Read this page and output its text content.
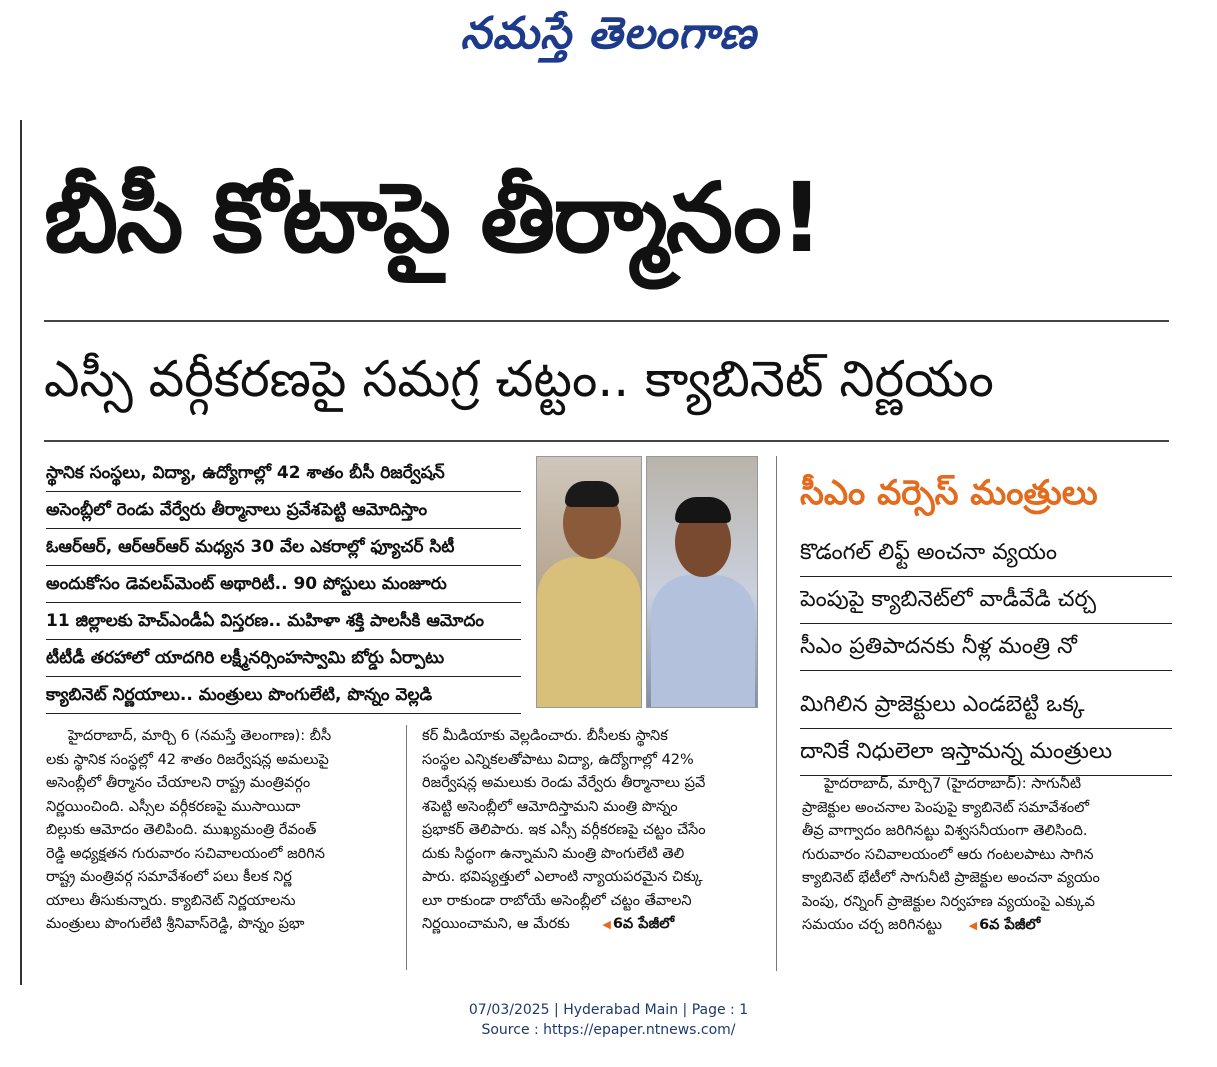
నమస్తే తెలంగాణ
బీసీ కోటాపై తీర్మానం!
ఎస్సీ వర్గీకరణపై సమగ్ర చట్టం.. క్యాబినెట్ నిర్ణయం
స్థానిక సంస్థలు, విద్యా, ఉద్యోగాల్లో 42 శాతం బీసీ రిజర్వేషన్
అసెంబ్లీలో రెండు వేర్వేరు తీర్మానాలు ప్రవేశపెట్టి ఆమోదిస్తాం
ఓఆర్ఆర్, ఆర్ఆర్ఆర్ మధ్యన 30 వేల ఎకరాల్లో ఫ్యూచర్ సిటీ
అందుకోసం డెవలప్‌మెంట్ అథారిటీ.. 90 పోస్టులు మంజూరు
11 జిల్లాలకు హెచ్ఎండీఏ విస్తరణ.. మహిళా శక్తి పాలసీకి ఆమోదం
టీటీడీ తరహాలో యాదగిరి లక్ష్మీనర్సింహస్వామి బోర్డు ఏర్పాటు
క్యాబినెట్ నిర్ణయాలు.. మంత్రులు పొంగులేటి, పొన్నం వెల్లడి
హైదరాబాద్, మార్చి 6 (నమస్తే తెలంగాణ): బీసీ
లకు స్థానిక సంస్థల్లో 42 శాతం రిజర్వేషన్ల అమలుపై
అసెంబ్లీలో తీర్మానం చేయాలని రాష్ట్ర మంత్రివర్గం
నిర్ణయించింది. ఎస్సీల వర్గీకరణపై ముసాయిదా
బిల్లుకు ఆమోదం తెలిపింది. ముఖ్యమంత్రి రేవంత్
రెడ్డి అధ్యక్షతన గురువారం సచివాలయంలో జరిగిన
రాష్ట్ర మంత్రివర్గ సమావేశంలో పలు కీలక నిర్ణ
యాలు తీసుకున్నారు. క్యాబినెట్ నిర్ణయాలను
మంత్రులు పొంగులేటి శ్రీనివాస్‌రెడ్డి, పొన్నం ప్రభా
కర్ మీడియాకు వెల్లడించారు. బీసీలకు స్థానిక
సంస్థల ఎన్నికలతోపాటు విద్యా, ఉద్యోగాల్లో 42%
రిజర్వేషన్ల అమలుకు రెండు వేర్వేరు తీర్మానాలు ప్రవే
శపెట్టి అసెంబ్లీలో ఆమోదిస్తామని మంత్రి పొన్నం
ప్రభాకర్ తెలిపారు. ఇక ఎస్సీ వర్గీకరణపై చట్టం చేసేం
దుకు సిద్ధంగా ఉన్నామని మంత్రి పొంగులేటి తెలి
పారు. భవిష్యత్తులో ఎలాంటి న్యాయపరమైన చిక్కు
లూ రాకుండా రాబోయే అసెంబ్లీలో చట్టం తేవాలని
నిర్ణయించామని, ఆ మేరకు	◀ 6వ పేజీలో
సీఎం వర్సెస్ మంత్రులు
కొడంగల్ లిఫ్ట్ అంచనా వ్యయం
పెంపుపై క్యాబినెట్‌లో వాడీవేడి చర్చ
సీఎం ప్రతిపాదనకు నీళ్ల మంత్రి నో
మిగిలిన ప్రాజెక్టులు ఎండబెట్టి ఒక్క
దానికే నిధులెలా ఇస్తామన్న మంత్రులు
హైదరాబాద్, మార్చి7 (హైదరాబాద్): సాగునీటి
ప్రాజెక్టుల అంచనాల పెంపుపై క్యాబినెట్ సమావేశంలో
తీవ్ర వాగ్వాదం జరిగినట్టు విశ్వసనీయంగా తెలిసింది.
గురువారం సచివాలయంలో ఆరు గంటలపాటు సాగిన
క్యాబినెట్ భేటీలో సాగునీటి ప్రాజెక్టుల అంచనా వ్యయం
పెంపు, రన్నింగ్ ప్రాజెక్టుల నిర్వహణ వ్యయంపై ఎక్కువ
సమయం చర్చ జరిగినట్టు	◀ 6వ పేజీలో
07/03/2025 | Hyderabad Main | Page : 1
Source : https://epaper.ntnews.com/
